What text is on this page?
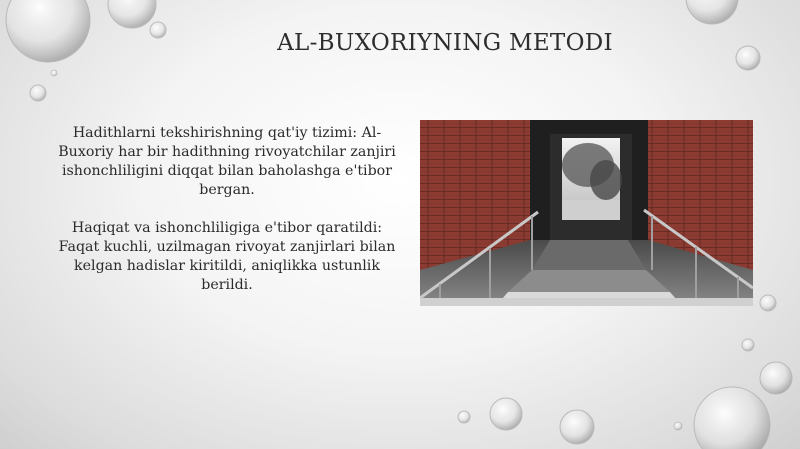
AL-BUXORIYNING METODI

Hadithlarni tekshirishning qat'iy tizimi: Al-Buxoriy har bir hadithning rivoyatchilar zanjiri ishonchliligini diqqat bilan baholashga e'tibor bergan.

Haqiqat va ishonchliligiga e'tibor qaratildi: Faqat kuchli, uzilmagan rivoyat zanjirlari bilan kelgan hadislar kiritildi, aniqlikka ustunlik berildi.
